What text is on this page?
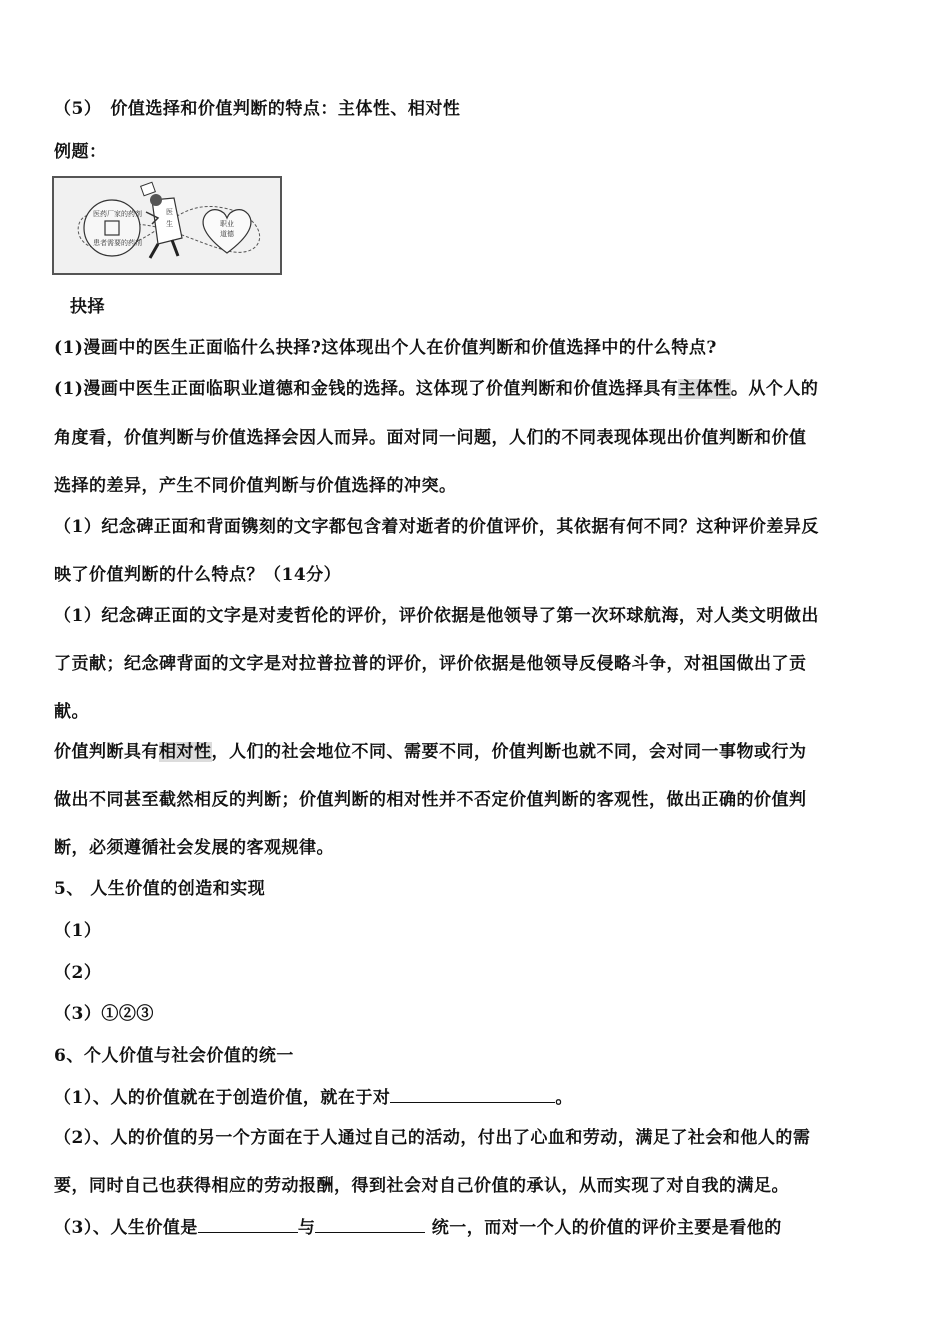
（5）　价值选择和价值判断的特点：主体性、相对性
例题：
医药厂家的药剂
患者需要的药剂
医
生	职业
道德
抉择
(1)漫画中的医生正面临什么抉择?这体现出个人在价值判断和价值选择中的什么特点?
(1)漫画中医生正面临职业道德和金钱的选择。这体现了价值判断和价值选择具有主体性。从个人的
角度看，价值判断与价值选择会因人而异。面对同一问题，人们的不同表现体现出价值判断和价值
选择的差异，产生不同价值判断与价值选择的冲突。
（1）纪念碑正面和背面镌刻的文字都包含着对逝者的价值评价，其依据有何不同？这种评价差异反
映了价值判断的什么特点？（14分）
（1）纪念碑正面的文字是对麦哲伦的评价，评价依据是他领导了第一次环球航海，对人类文明做出
了贡献；纪念碑背面的文字是对拉普拉普的评价，评价依据是他领导反侵略斗争，对祖国做出了贡
献。
价值判断具有相对性，人们的社会地位不同、需要不同，价值判断也就不同，会对同一事物或行为
做出不同甚至截然相反的判断；价值判断的相对性并不否定价值判断的客观性，做出正确的价值判
断，必须遵循社会发展的客观规律。
5、 人生价值的创造和实现
（1）
（2）
（3）①②③
6、个人价值与社会价值的统一
（1）、人的价值就在于创造价值，就在于对	。
（2）、人的价值的另一个方面在于人通过自己的活动，付出了心血和劳动，满足了社会和他人的需
要，同时自己也获得相应的劳动报酬，得到社会对自己价值的承认，从而实现了对自我的满足。
（3）、人生价值是	与	统一，而对一个人的价值的评价主要是看他的
